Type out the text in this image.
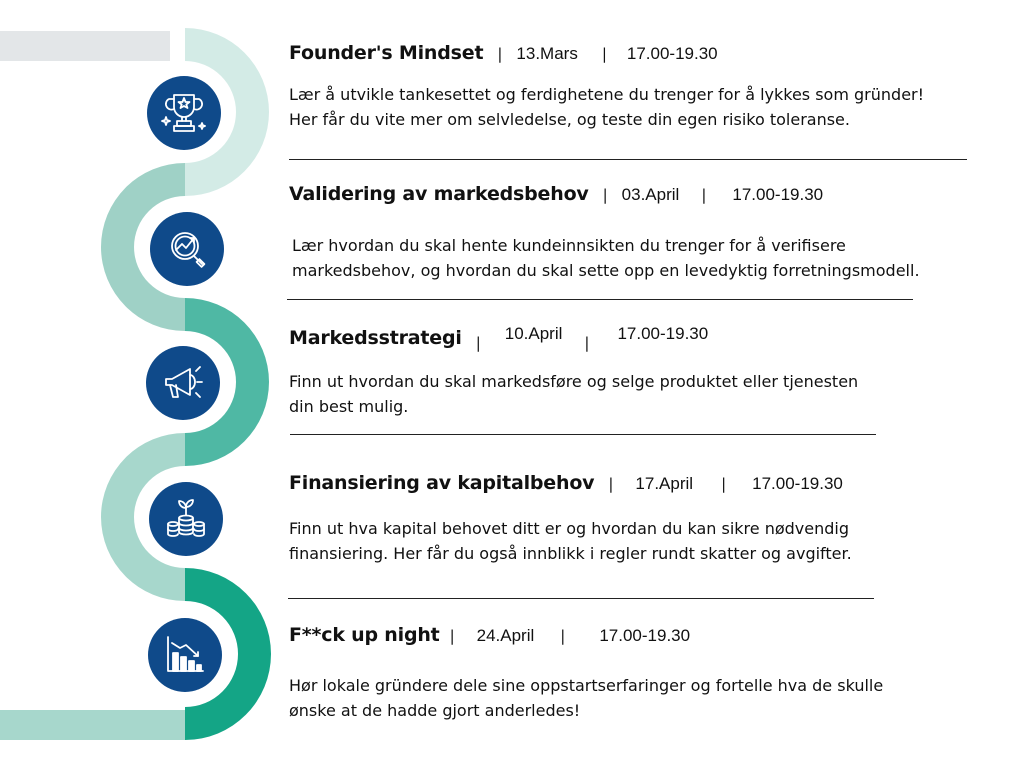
Founder's Mindset | 13.Mars | 17.00-19.30

Lær å utvikle tankesettet og ferdighetene du trenger for å lykkes som gründer!
Her får du vite mer om selvledelse, og teste din egen risiko toleranse.

Validering av markedsbehov | 03.April | 17.00-19.30

Lær hvordan du skal hente kundeinnsikten du trenger for å verifisere
markedsbehov, og hvordan du skal sette opp en levedyktig forretningsmodell.

Markedsstrategi | 10.April | 17.00-19.30

Finn ut hvordan du skal markedsføre og selge produktet eller tjenesten
din best mulig.

Finansiering av kapitalbehov | 17.April | 17.00-19.30

Finn ut hva kapital behovet ditt er og hvordan du kan sikre nødvendig
finansiering. Her får du også innblikk i regler rundt skatter og avgifter.

F**ck up night | 24.April | 17.00-19.30

Hør lokale gründere dele sine oppstartserfaringer og fortelle hva de skulle
ønske at de hadde gjort anderledes!
